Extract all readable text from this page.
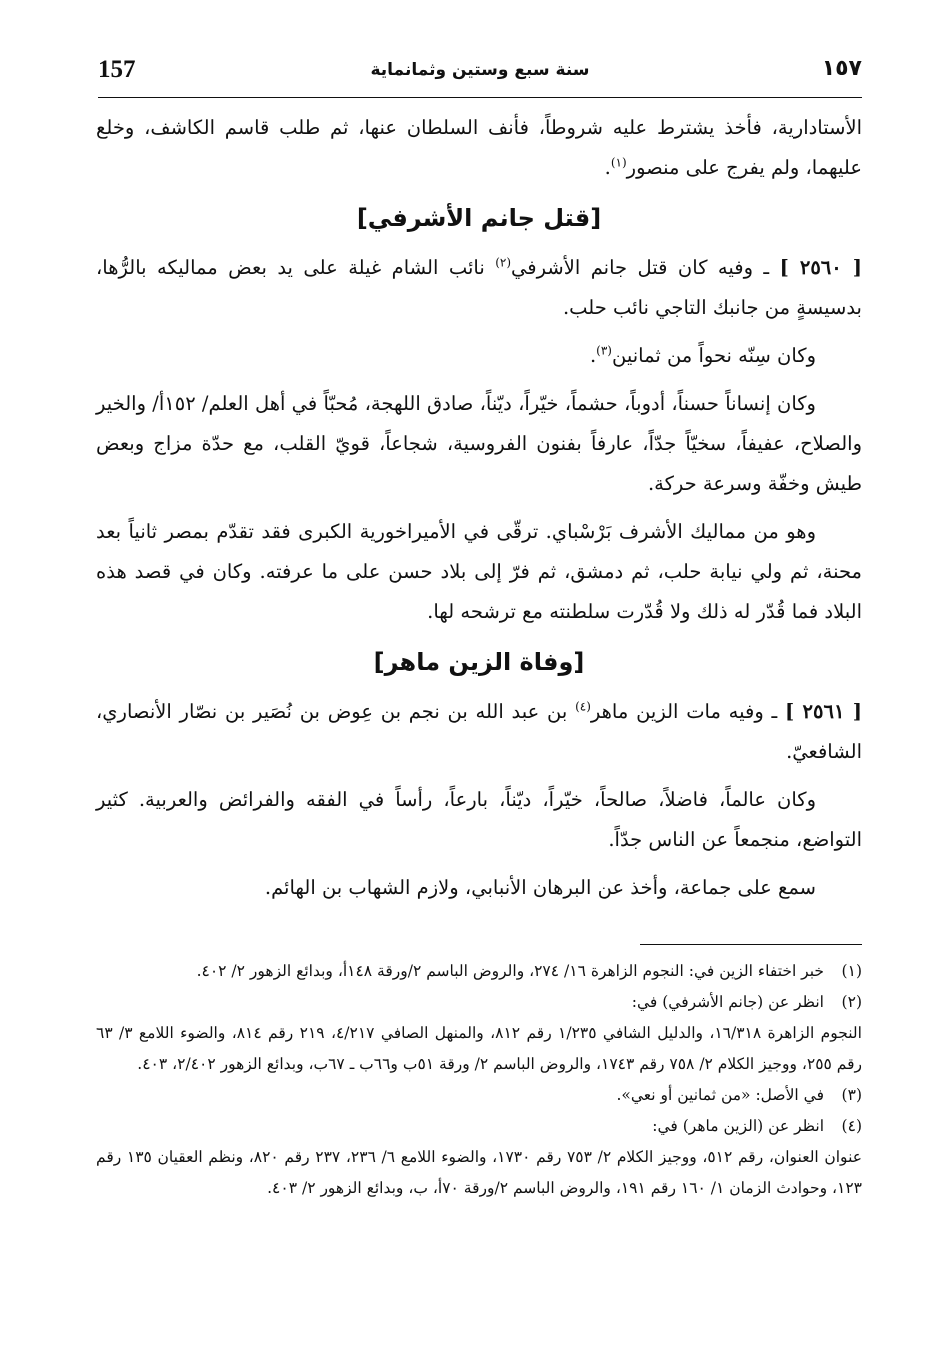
157	سنة سبع وستين وثمانماية	١٥٧

الأستادارية، فأخذ يشترط عليه شروطاً، فأنف السلطان عنها، ثم طلب قاسم الكاشف، وخلع عليهما، ولم يفرج على منصور$^{(١)}$.

[قتل جانم الأشرفي]

[ ٢٥٦٠ ] ـ وفيه كان قتل جانم الأشرفي$^{(٢)}$ نائب الشام غيلة على يد بعض مماليكه بالرُّها، بدسيسةٍ من جانبك التاجي نائب حلب.

وكان سِنّه نحواً من ثمانين$^{(٣)}$.

وكان إنساناً حسناً، أدوباً، حشماً، خيّراً، ديّناً، صادق اللهجة، مُحبّاً في أهل العلم/ ١٥٢أ/ والخير والصلاح، عفيفاً، سخيّاً جدّاً، عارفاً بفنون الفروسية، شجاعاً، قويّ القلب، مع حدّة مزاج وبعض طيش وخفّة وسرعة حركة.

وهو من مماليك الأشرف بَرْسْباي. ترقّى في الأميراخورية الكبرى فقد تقدّم بمصر ثانياً بعد محنة، ثم ولي نيابة حلب، ثم دمشق، ثم فرّ إلى بلاد حسن على ما عرفته. وكان في قصد هذه البلاد فما قُدّر له ذلك ولا قُدّرت سلطنته مع ترشحه لها.

[وفاة الزين ماهر]

[ ٢٥٦١ ] ـ وفيه مات الزين ماهر$^{(٤)}$ بن عبد الله بن نجم بن عِوض بن نُصَير بن نصّار الأنصاري، الشافعيّ.

وكان عالماً، فاضلاً، صالحاً، خيّراً، ديّناً، بارعاً، رأساً في الفقه والفرائض والعربية. كثير التواضع، منجمعاً عن الناس جدّاً.

سمع على جماعة، وأخذ عن البرهان الأنبابي، ولازم الشهاب بن الهائم.

(١)
خبر اختفاء الزين في: النجوم الزاهرة ١٦/ ٢٧٤، والروض الباسم ٢/ورقة ١٤٨أ، وبدائع الزهور ٢/ ٤٠٢.
(٢)
انظر عن (جانم الأشرفي) في:
النجوم الزاهرة ١٦/٣١٨، والدليل الشافي ١/٢٣٥ رقم ٨١٢، والمنهل الصافي ٤/٢١٧، ٢١٩ رقم ٨١٤، والضوء اللامع ٣/ ٦٣ رقم ٢٥٥، ووجيز الكلام ٢/ ٧٥٨ رقم ١٧٤٣، والروض الباسم ٢/ ورقة ٥١ب و٦٦ب ـ ٦٧ب، وبدائع الزهور ٢/٤٠٢، ٤٠٣.
(٣)
في الأصل: «من ثمانين أو نعي».
(٤)
انظر عن (الزين ماهر) في:
عنوان العنوان، رقم ٥١٢، ووجيز الكلام ٢/ ٧٥٣ رقم ١٧٣٠، والضوء اللامع ٦/ ٢٣٦، ٢٣٧ رقم ٨٢٠، ونظم العقيان ١٣٥ رقم ١٢٣، وحوادث الزمان ١/ ١٦٠ رقم ١٩١، والروض الباسم ٢/ورقة ٧٠أ، ب، وبدائع الزهور ٢/ ٤٠٣.
